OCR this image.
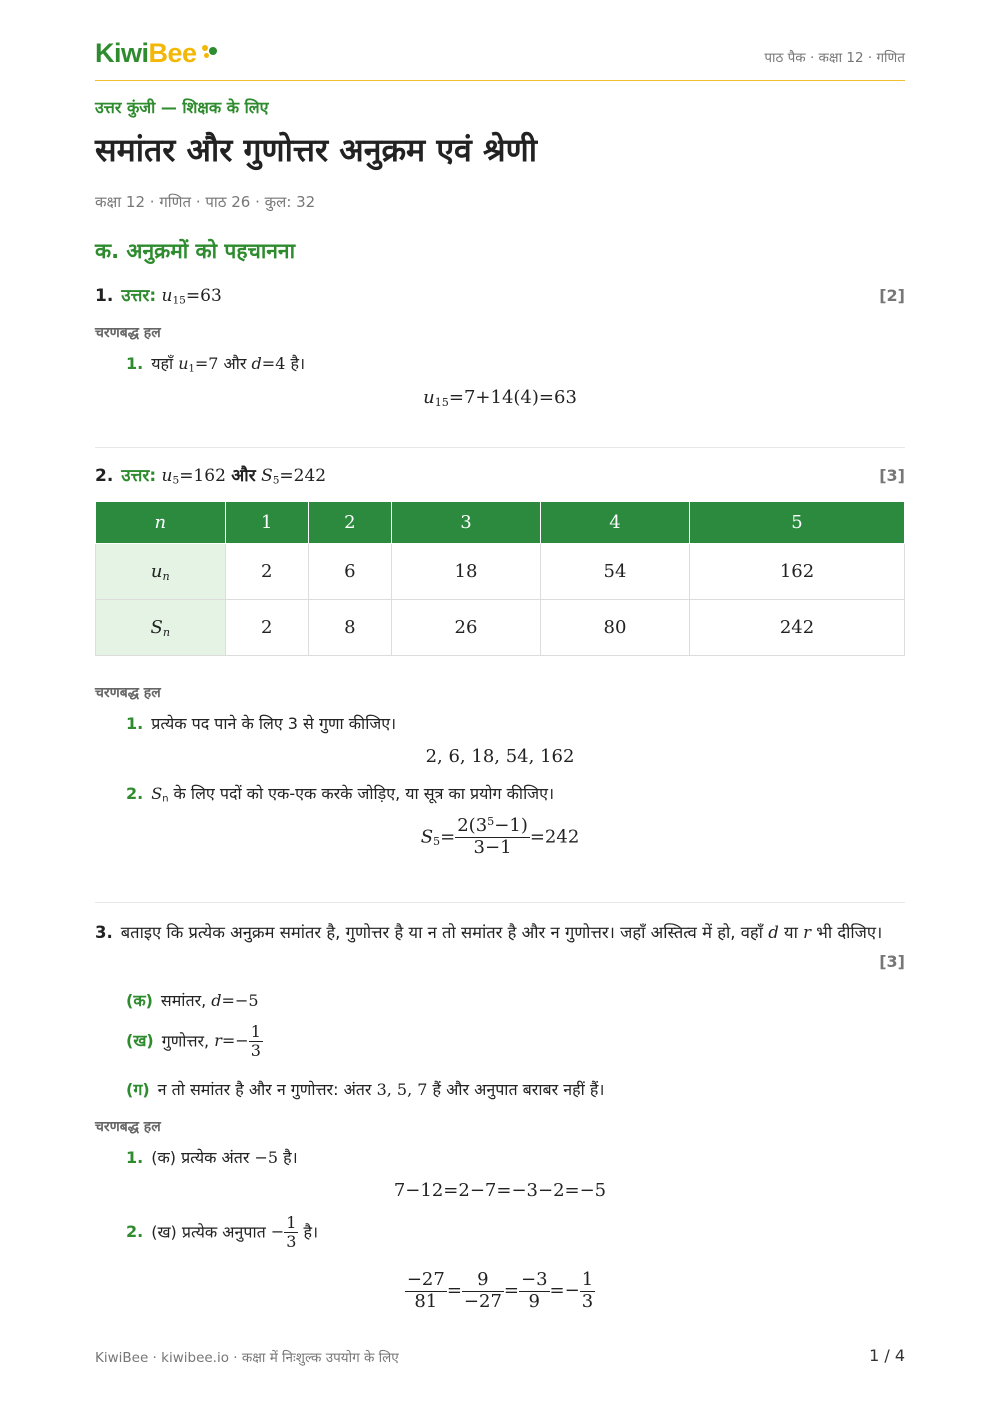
KiwiBee	पाठ पैक · कक्षा 12 · गणित
उत्तर कुंजी — शिक्षक के लिए
समांतर और गुणोत्तर अनुक्रम एवं श्रेणी
कक्षा 12 · गणित · पाठ 26 · कुल: 32
क. अनुक्रमों को पहचानना
1. उत्तर: $u_{15}=63$	[2]
चरणबद्ध हल
1. यहाँ $u_1=7$ और d=4 है।
$u_{15}=7+14(4)=63$
2. उत्तर: $u_5=162$ और $S_5=242$	[3]
n	1	2	3	4	5
$u_n$	2	6	18	54	162
$S_n$	2	8	26	80	242
चरणबद्ध हल
1. प्रत्येक पद पाने के लिए 3 से गुणा कीजिए।
2, 6, 18, 54, 162
2. $S_n$ के लिए पदों को एक-एक करके जोड़िए, या सूत्र का प्रयोग कीजिए।
$S_5= \frac{2(3^5-1)}{3-1} =242$
3. बताइए कि प्रत्येक अनुक्रम समांतर है, गुणोत्तर है या न तो समांतर है और न गुणोत्तर। जहाँ अस्तित्व में हो, वहाँ d या r भी दीजिए।
[3]
(क) समांतर, d=−5
(ख) गुणोत्तर, $r=- \frac{1}{3}$
(ग) न तो समांतर है और न गुणोत्तर: अंतर 3, 5, 7 हैं और अनुपात बराबर नहीं हैं।
चरणबद्ध हल
1. (क) प्रत्येक अंतर −5 है।
7−12=2−7=−3−2=−5
2. (ख) प्रत्येक अनुपात − $\frac{1}{3}$ है।
$\frac{-27}{81} = \frac{9}{-27} = \frac{-3}{9} =- \frac{1}{3}$
KiwiBee · kiwibee.io · कक्षा में निःशुल्क उपयोग के लिए	1 / 4
